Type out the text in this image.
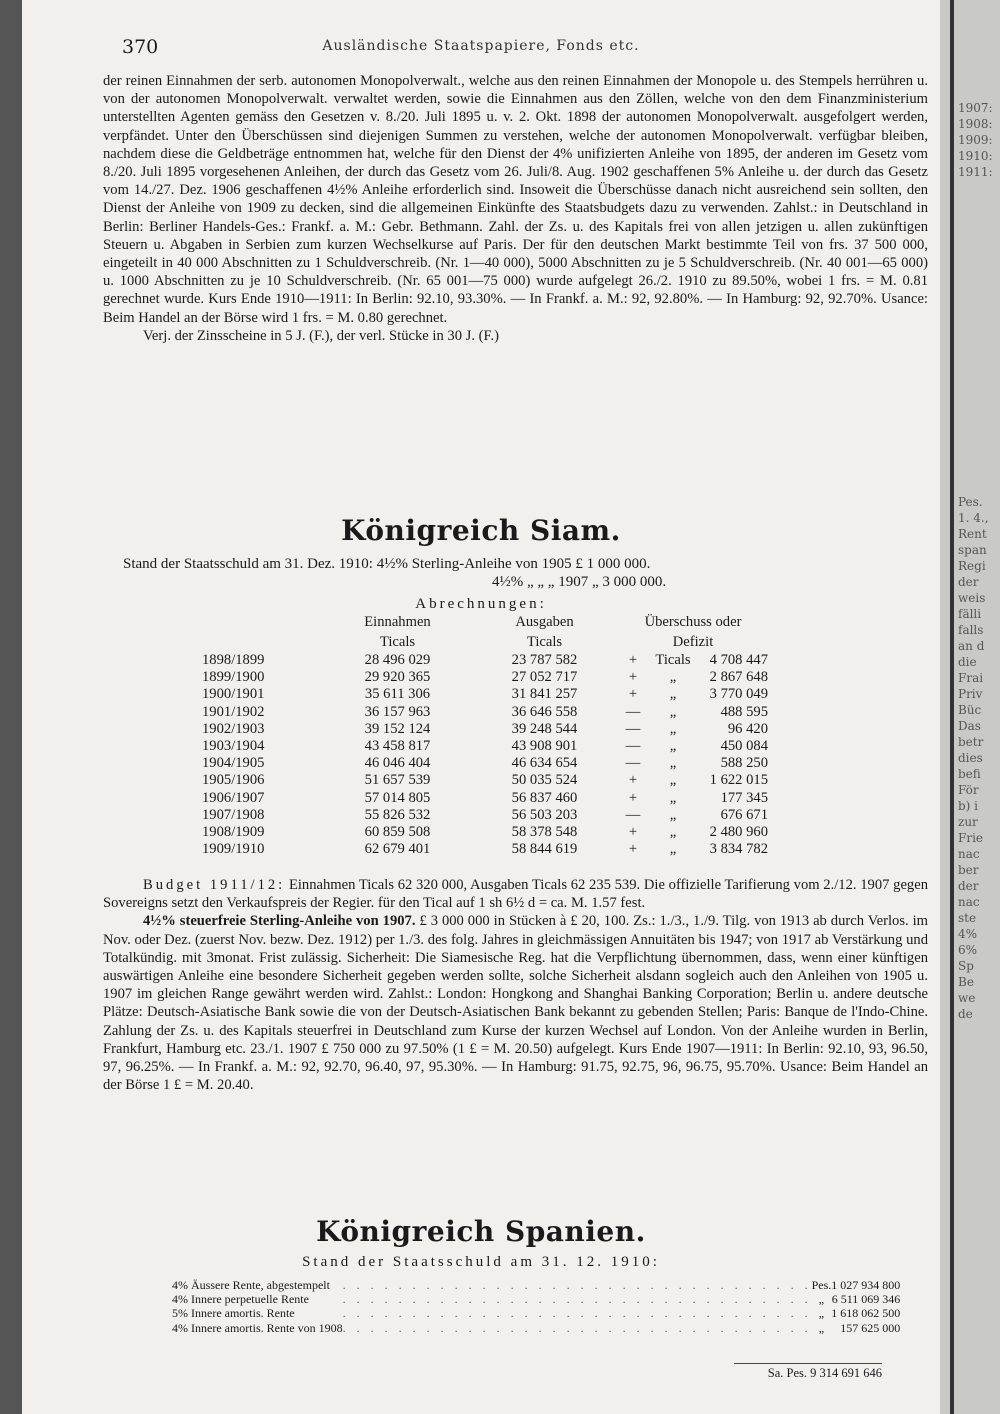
370	Ausländische Staatspapiere, Fonds etc.

der reinen Einnahmen der serb. autonomen Monopolverwalt., welche aus den reinen Einnahmen der Monopole u. des Stempels herrühren u. von der autonomen Monopolverwalt. verwaltet werden, sowie die Einnahmen aus den Zöllen, welche von den dem Finanzministerium unterstellten Agenten gemäss den Gesetzen v. 8./20. Juli 1895 u. v. 2. Okt. 1898 der autonomen Monopolverwalt. ausgefolgert werden, verpfändet. Unter den Überschüssen sind diejenigen Summen zu verstehen, welche der autonomen Monopolverwalt. verfügbar bleiben, nachdem diese die Geldbeträge entnommen hat, welche für den Dienst der 4% unifizierten Anleihe von 1895, der anderen im Gesetz vom 8./20. Juli 1895 vorgesehenen Anleihen, der durch das Gesetz vom 26. Juli/8. Aug. 1902 geschaffenen 5% Anleihe u. der durch das Gesetz vom 14./27. Dez. 1906 geschaffenen 4½% Anleihe erforderlich sind. Insoweit die Überschüsse danach nicht ausreichend sein sollten, den Dienst der Anleihe von 1909 zu decken, sind die allgemeinen Einkünfte des Staatsbudgets dazu zu verwenden. Zahlst.: in Deutschland in Berlin: Berliner Handels-Ges.: Frankf. a. M.: Gebr. Bethmann. Zahl. der Zs. u. des Kapitals frei von allen jetzigen u. allen zukünftigen Steuern u. Abgaben in Serbien zum kurzen Wechselkurse auf Paris. Der für den deutschen Markt bestimmte Teil von frs. 37 500 000, eingeteilt in 40 000 Abschnitten zu 1 Schuldverschreib. (Nr. 1—40 000), 5000 Abschnitten zu je 5 Schuldverschreib. (Nr. 40 001—65 000) u. 1000 Abschnitten zu je 10 Schuldverschreib. (Nr. 65 001—75 000) wurde aufgelegt 26./2. 1910 zu 89.50%, wobei 1 frs. = M. 0.81 gerechnet wurde. Kurs Ende 1910—1911: In Berlin: 92.10, 93.30%. — In Frankf. a. M.: 92, 92.80%. — In Hamburg: 92, 92.70%. Usance: Beim Handel an der Börse wird 1 frs. = M. 0.80 gerechnet.

Verj. der Zinsscheine in 5 J. (F.), der verl. Stücke in 30 J. (F.)

Königreich Siam.
Stand der Staatsschuld am 31. Dez. 1910: 4½% Sterling-Anleihe von 1905 £ 1 000 000.
4½% „ „ „ 1907 „ 3 000 000.
Abrechnungen:
	Einnahmen	Ausgaben	Überschuss oder		
	Ticals	Ticals	Defizit		
1898/1899	28 496 029	23 787 582	+	Ticals	4 708 447
1899/1900	29 920 365	27 052 717	+	„	2 867 648
1900/1901	35 611 306	31 841 257	+	„	3 770 049
1901/1902	36 157 963	36 646 558	—	„	488 595
1902/1903	39 152 124	39 248 544	—	„	96 420
1903/1904	43 458 817	43 908 901	—	„	450 084
1904/1905	46 046 404	46 634 654	—	„	588 250
1905/1906	51 657 539	50 035 524	+	„	1 622 015
1906/1907	57 014 805	56 837 460	+	„	177 345
1907/1908	55 826 532	56 503 203	—	„	676 671
1908/1909	60 859 508	58 378 548	+	„	2 480 960
1909/1910	62 679 401	58 844 619	+	„	3 834 782

Budget 1911/12: Einnahmen Ticals 62 320 000, Ausgaben Ticals 62 235 539. Die offizielle Tarifierung vom 2./12. 1907 gegen Sovereigns setzt den Verkaufspreis der Regier. für den Tical auf 1 sh 6½ d = ca. M. 1.57 fest.

4½% steuerfreie Sterling-Anleihe von 1907. £ 3 000 000 in Stücken à £ 20, 100. Zs.: 1./3., 1./9. Tilg. von 1913 ab durch Verlos. im Nov. oder Dez. (zuerst Nov. bezw. Dez. 1912) per 1./3. des folg. Jahres in gleichmässigen Annuitäten bis 1947; von 1917 ab Verstärkung und Totalkündig. mit 3monat. Frist zulässig. Sicherheit: Die Siamesische Reg. hat die Verpflichtung übernommen, dass, wenn einer künftigen auswärtigen Anleihe eine besondere Sicherheit gegeben werden sollte, solche Sicherheit alsdann sogleich auch den Anleihen von 1905 u. 1907 im gleichen Range gewährt werden wird. Zahlst.: London: Hongkong and Shanghai Banking Corporation; Berlin u. andere deutsche Plätze: Deutsch-Asiatische Bank sowie die von der Deutsch-Asiatischen Bank bekannt zu gebenden Stellen; Paris: Banque de l'Indo-Chine. Zahlung der Zs. u. des Kapitals steuerfrei in Deutschland zum Kurse der kurzen Wechsel auf London. Von der Anleihe wurden in Berlin, Frankfurt, Hamburg etc. 23./1. 1907 £ 750 000 zu 97.50% (1 £ = M. 20.50) aufgelegt. Kurs Ende 1907—1911: In Berlin: 92.10, 93, 96.50, 97, 96.25%. — In Frankf. a. M.: 92, 92.70, 96.40, 97, 95.30%. — In Hamburg: 91.75, 92.75, 96, 96.75, 95.70%. Usance: Beim Handel an der Börse 1 £ = M. 20.40.

Königreich Spanien.
Stand der Staatsschuld am 31. 12. 1910:
4% Äussere Rente, abgestempelt	. . . . . . . . . . . . . . . . . . . . . . . . . . . . . . . . . .	Pes.	1 027 934 800
4% Innere perpetuelle Rente	. . . . . . . . . . . . . . . . . . . . . . . . . . . . . . . . . .	„	6 511 069 346
5% Innere amortis. Rente	. . . . . . . . . . . . . . . . . . . . . . . . . . . . . . . . . .	„	1 618 062 500
4% Innere amortis. Rente von 1908	. . . . . . . . . . . . . . . . . . . . . . . . . . . . . . . . . .	„	157 625 000
Sa. Pes. 9 314 691 646
1907:
1908:
1909:
1910:
1911:
Pes.
1. 4.,
Rent
span
Regi
der
weis
fälli
falls
an d
die
Frai
Priv
Büc
Das
betr
dies
befi
För
b) i
zur
Frie
nac
ber
der
nac
ste
4%
6%
Sp
Be
we
de
